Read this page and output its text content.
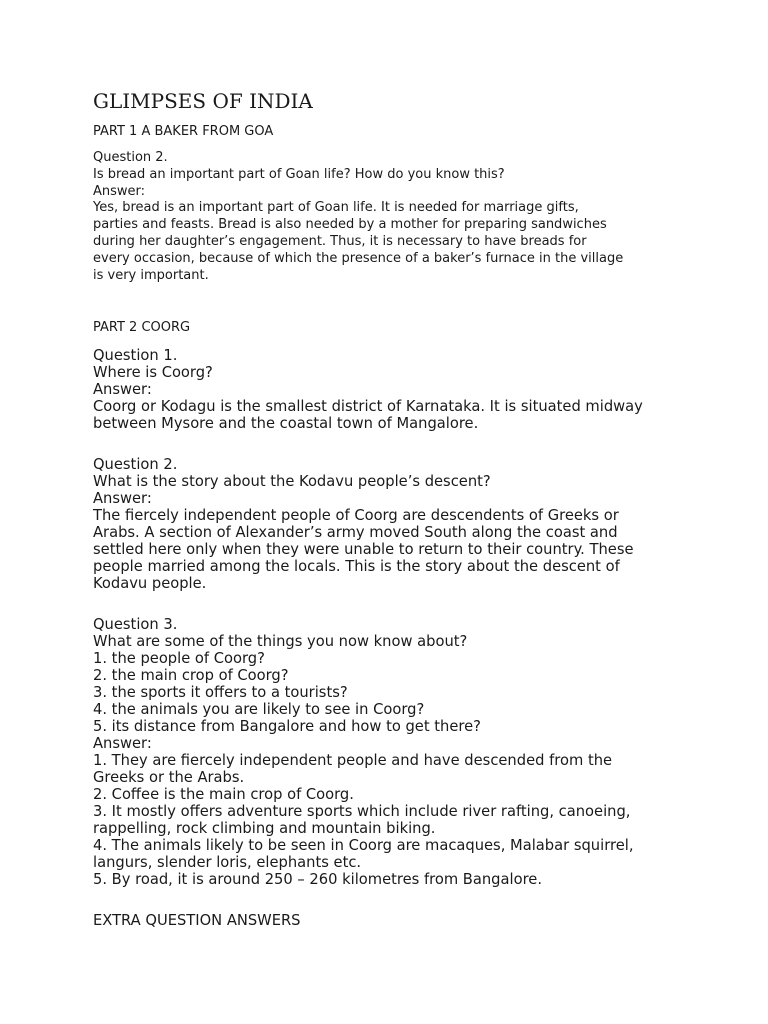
GLIMPSES OF INDIA
PART 1 A BAKER FROM GOA
Question 2.
Is bread an important part of Goan life? How do you know this?
Answer:
Yes, bread is an important part of Goan life. It is needed for marriage gifts,
parties and feasts. Bread is also needed by a mother for preparing sandwiches
during her daughter’s engagement. Thus, it is necessary to have breads for
every occasion, because of which the presence of a baker’s furnace in the village
is very important.
PART 2 COORG
Question 1.
Where is Coorg?
Answer:
Coorg or Kodagu is the smallest district of Karnataka. It is situated midway
between Mysore and the coastal town of Mangalore.
Question 2.
What is the story about the Kodavu people’s descent?
Answer:
The fiercely independent people of Coorg are descendents of Greeks or
Arabs. A section of Alexander’s army moved South along the coast and
settled here only when they were unable to return to their country. These
people married among the locals. This is the story about the descent of
Kodavu people.
Question 3.
What are some of the things you now know about?
1. the people of Coorg?
2. the main crop of Coorg?
3. the sports it offers to a tourists?
4. the animals you are likely to see in Coorg?
5. its distance from Bangalore and how to get there?
Answer:
1. They are fiercely independent people and have descended from the
Greeks or the Arabs.
2. Coffee is the main crop of Coorg.
3. It mostly offers adventure sports which include river rafting, canoeing,
rappelling, rock climbing and mountain biking.
4. The animals likely to be seen in Coorg are macaques, Malabar squirrel,
langurs, slender loris, elephants etc.
5. By road, it is around 250 – 260 kilometres from Bangalore.
EXTRA QUESTION ANSWERS
